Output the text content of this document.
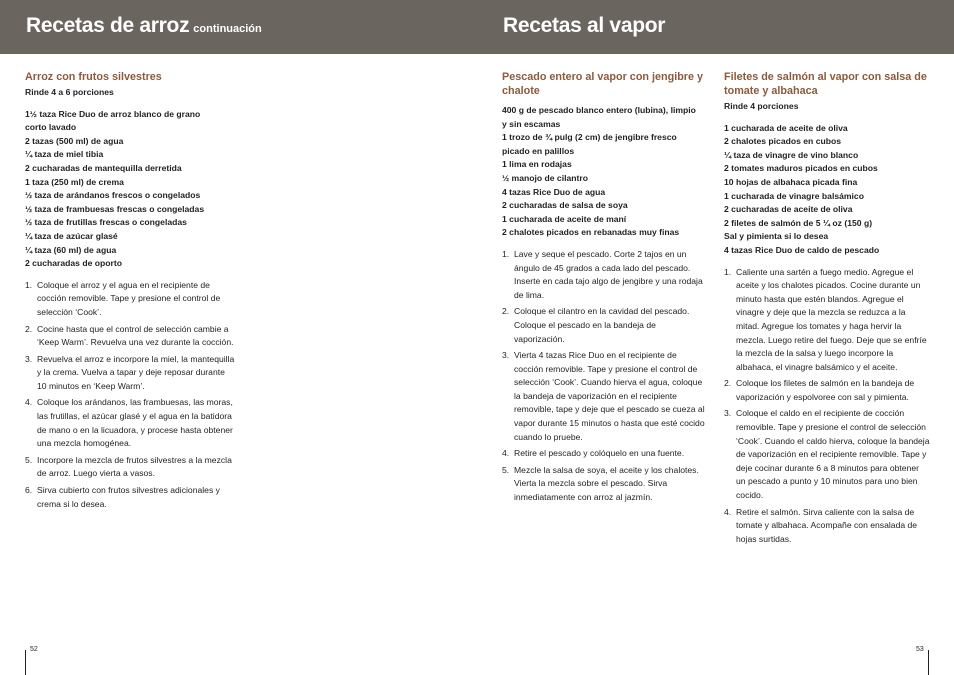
Recetas de arroz continuación	Recetas al vapor
Arroz con frutos silvestres
Rinde 4 a 6 porciones
1½ taza Rice Duo de arroz blanco de grano
corto lavado
2 tazas (500 ml) de agua
¼ taza de miel tibia
2 cucharadas de mantequilla derretida
1 taza (250 ml) de crema
½ taza de arándanos frescos o congelados
½ taza de frambuesas frescas o congeladas
½ taza de frutillas frescas o congeladas
¼ taza de azúcar glasé
¼ taza (60 ml) de agua
2 cucharadas de oporto
1. Coloque el arroz y el agua en el recipiente de cocción removible. Tape y presione el control de selección ‘Cook’.
2. Cocine hasta que el control de selección cambie a ‘Keep Warm’. Revuelva una vez durante la cocción.
3. Revuelva el arroz e incorpore la miel, la mantequilla y la crema. Vuelva a tapar y deje reposar durante 10 minutos en ‘Keep Warm’.
4. Coloque los arándanos, las frambuesas, las moras, las frutillas, el azúcar glasé y el agua en la batidora de mano o en la licuadora, y procese hasta obtener una mezcla homogénea.
5. Incorpore la mezcla de frutos silvestres a la mezcla de arroz. Luego vierta a vasos.
6. Sirva cubierto con frutos silvestres adicionales y crema si lo desea.
Pescado entero al vapor con jengibre y chalote
400 g de pescado blanco entero (lubina), limpio
y sin escamas
1 trozo de ¾ pulg (2 cm) de jengibre fresco
picado en palillos
1 lima en rodajas
½ manojo de cilantro
4 tazas Rice Duo de agua
2 cucharadas de salsa de soya
1 cucharada de aceite de maní
2 chalotes picados en rebanadas muy finas
1. Lave y seque el pescado. Corte 2 tajos en un ángulo de 45 grados a cada lado del pescado. Inserte en cada tajo algo de jengibre y una rodaja de lima.
2. Coloque el cilantro en la cavidad del pescado. Coloque el pescado en la bandeja de vaporización.
3. Vierta 4 tazas Rice Duo en el recipiente de cocción removible. Tape y presione el control de selección ‘Cook’. Cuando hierva el agua, coloque la bandeja de vaporización en el recipiente removible, tape y deje que el pescado se cueza al vapor durante 15 minutos o hasta que esté cocido cuando lo pruebe.
4. Retire el pescado y colóquelo en una fuente.
5. Mezcle la salsa de soya, el aceite y los chalotes. Vierta la mezcla sobre el pescado. Sirva inmediatamente con arroz al jazmín.
Filetes de salmón al vapor con salsa de tomate y albahaca
Rinde 4 porciones
1 cucharada de aceite de oliva
2 chalotes picados en cubos
¼ taza de vinagre de vino blanco
2 tomates maduros picados en cubos
10 hojas de albahaca picada fina
1 cucharada de vinagre balsámico
2 cucharadas de aceite de oliva
2 filetes de salmón de 5 ¼ oz (150 g)
Sal y pimienta si lo desea
4 tazas Rice Duo de caldo de pescado
1. Caliente una sartén a fuego medio. Agregue el aceite y los chalotes picados. Cocine durante un minuto hasta que estén blandos. Agregue el vinagre y deje que la mezcla se reduzca a la mitad. Agregue los tomates y haga hervir la mezcla. Luego retire del fuego. Deje que se enfríe la mezcla de la salsa y luego incorpore la albahaca, el vinagre balsámico y el aceite.
2. Coloque los filetes de salmón en la bandeja de vaporización y espolvoree con sal y pimienta.
3. Coloque el caldo en el recipiente de cocción removible. Tape y presione el control de selección ‘Cook’. Cuando el caldo hierva, coloque la bandeja de vaporización en el recipiente removible. Tape y deje cocinar durante 6 a 8 minutos para obtener un pescado a punto y 10 minutos para uno bien cocido.
4. Retire el salmón. Sirva caliente con la salsa de tomate y albahaca. Acompañe con ensalada de hojas surtidas.
52	53
